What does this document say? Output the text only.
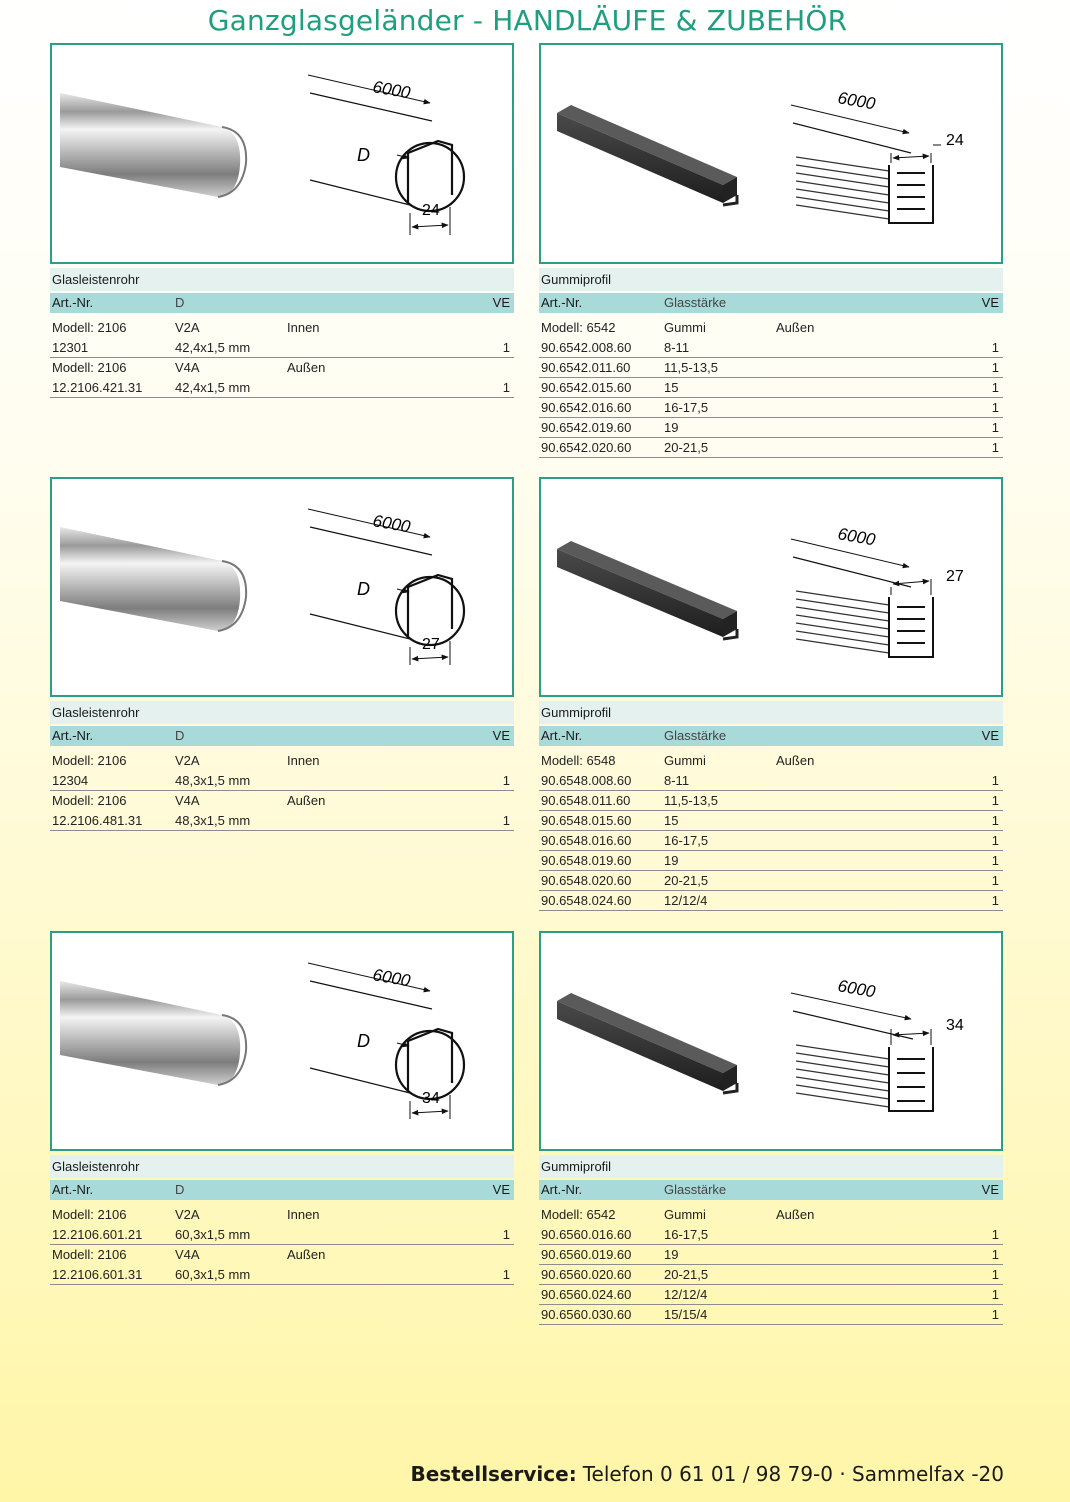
Ganzglasgeländer - HANDLÄUFE & ZUBEHÖR
6000
D
24
Glasleistenrohr
Art.-Nr.	D	VE
Modell: 2106	V2A	Innen
12301	42,4x1,5 mm	1
Modell: 2106	V4A	Außen
12.2106.421.31	42,4x1,5 mm	1
6000
24
Gummiprofil
Art.-Nr.	Glasstärke	VE
Modell: 6542	Gummi	Außen
90.6542.008.60	8-11	1
90.6542.011.60	11,5-13,5	1
90.6542.015.60	15	1
90.6542.016.60	16-17,5	1
90.6542.019.60	19	1
90.6542.020.60	20-21,5	1
6000
D
27
Glasleistenrohr
Art.-Nr.	D	VE
Modell: 2106	V2A	Innen
12304	48,3x1,5 mm	1
Modell: 2106	V4A	Außen
12.2106.481.31	48,3x1,5 mm	1
6000
27
Gummiprofil
Art.-Nr.	Glasstärke	VE
Modell: 6548	Gummi	Außen
90.6548.008.60	8-11	1
90.6548.011.60	11,5-13,5	1
90.6548.015.60	15	1
90.6548.016.60	16-17,5	1
90.6548.019.60	19	1
90.6548.020.60	20-21,5	1
90.6548.024.60	12/12/4	1
6000
D
34
Glasleistenrohr
Art.-Nr.	D	VE
Modell: 2106	V2A	Innen
12.2106.601.21	60,3x1,5 mm	1
Modell: 2106	V4A	Außen
12.2106.601.31	60,3x1,5 mm	1
6000
34
Gummiprofil
Art.-Nr.	Glasstärke	VE
Modell: 6542	Gummi	Außen
90.6560.016.60	16-17,5	1
90.6560.019.60	19	1
90.6560.020.60	20-21,5	1
90.6560.024.60	12/12/4	1
90.6560.030.60	15/15/4	1
Bestellservice: Telefon 0 61 01 / 98 79-0 · Sammelfax -20
